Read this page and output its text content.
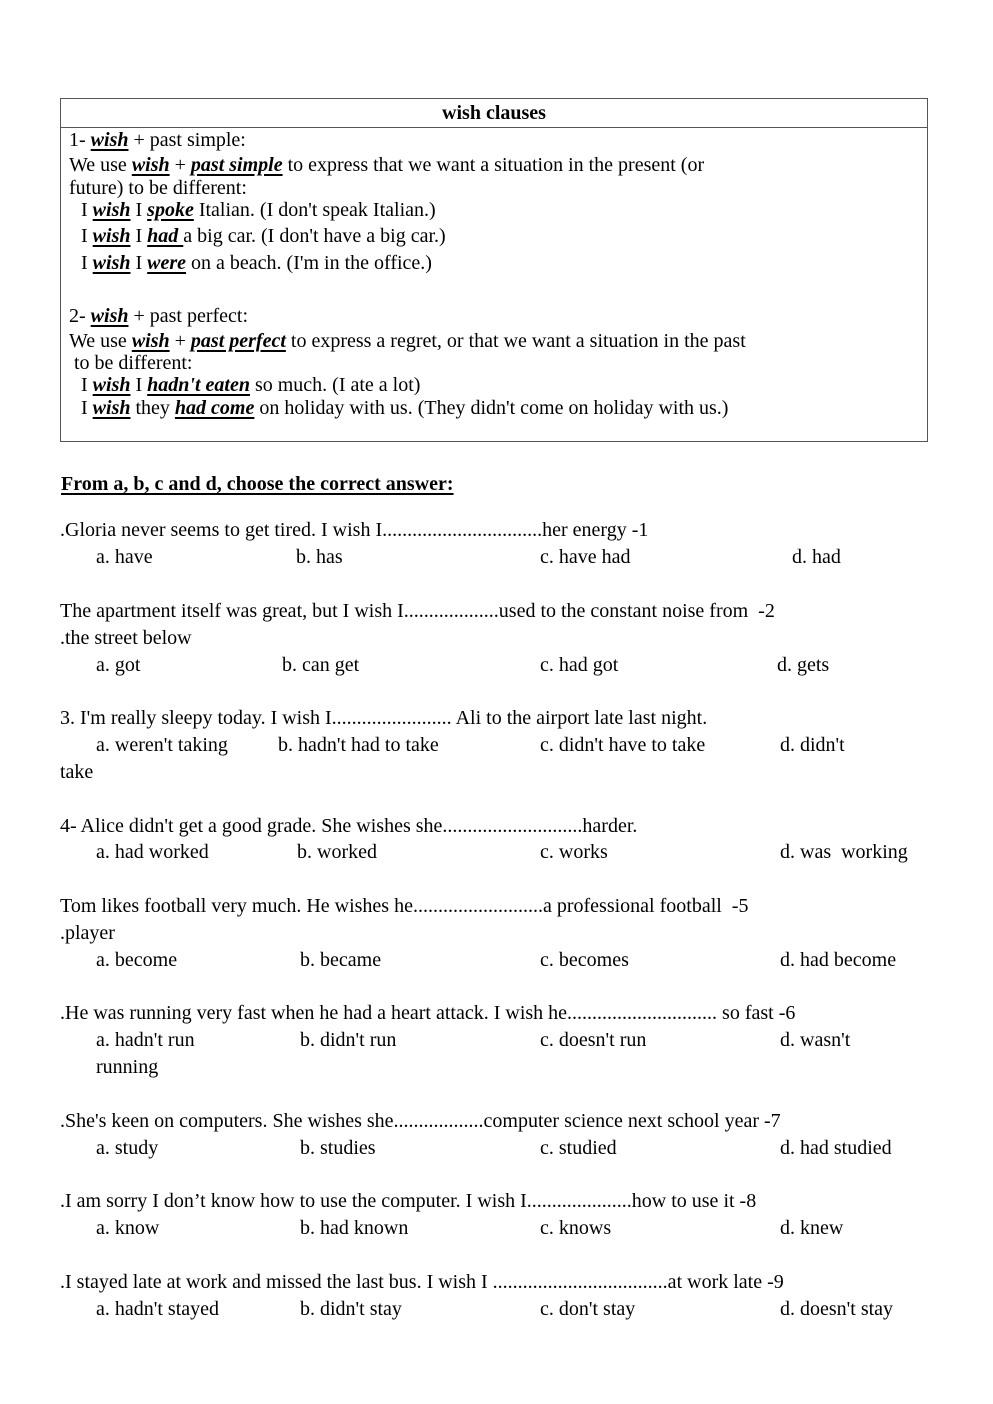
wish clauses
1- wish + past simple:
We use wish + past simple to express that we want a situation in the present (or
future) to be different:
I wish I spoke Italian. (I don't speak Italian.)
I wish I had a big car. (I don't have a big car.)
I wish I were on a beach. (I'm in the office.)
2- wish + past perfect:
We use wish + past perfect to express a regret, or that we want a situation in the past
to be different:
I wish I hadn't eaten so much. (I ate a lot)
I wish they had come on holiday with us. (They didn't come on holiday with us.)
From a, b, c and d, choose the correct answer:
.Gloria never seems to get tired. I wish I................................her energy -1
a. have	b. has	c. have had	d. had
The apartment itself was great, but I wish I...................used to the constant noise from  -2
.the street below
a. got	b. can get	c. had got	d. gets
3. I'm really sleepy today. I wish I........................ Ali to the airport late last night.
a. weren't taking	b. hadn't had to take	c. didn't have to take	d. didn't
take
4- Alice didn't get a good grade. She wishes she............................harder.
a. had worked	b. worked	c. works	d. was  working
Tom likes football very much. He wishes he..........................a professional football  -5
.player
a. become	b. became	c. becomes	d. had become
.He was running very fast when he had a heart attack. I wish he.............................. so fast -6
a. hadn't run	b. didn't run	c. doesn't run	d. wasn't
running
.She's keen on computers. She wishes she..................computer science next school year -7
a. study	b. studies	c. studied	d. had studied
.I am sorry I don’t know how to use the computer. I wish I.....................how to use it -8
a. know	b. had known	c. knows	d. knew
.I stayed late at work and missed the last bus. I wish I ...................................at work late -9
a. hadn't stayed	b. didn't stay	c. don't stay	d. doesn't stay
